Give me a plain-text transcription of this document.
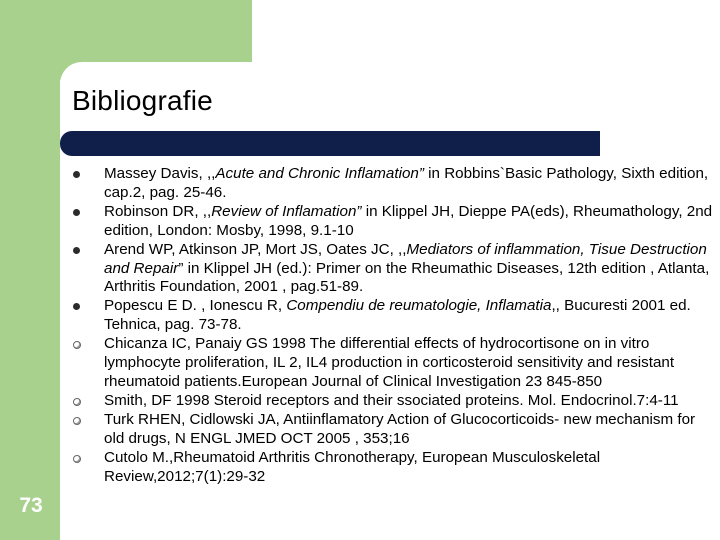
Bibliografie
Massey Davis, ,,Acute and Chronic Inflamation” in Robbins`Basic Pathology, Sixth edition, cap.2, pag. 25-46.
Robinson DR, ,,Review of Inflamation” in Klippel JH, Dieppe PA(eds), Rheumathology, 2nd edition, London: Mosby, 1998, 9.1-10
Arend WP, Atkinson JP, Mort JS, Oates JC, ,,Mediators of inflammation, Tisue Destruction and Repair” in Klippel JH (ed.): Primer on the Rheumathic Diseases, 12th edition , Atlanta, Arthritis Foundation, 2001 , pag.51-89.
Popescu E D. , Ionescu R, Compendiu de reumatologie, Inflamatia,, Bucuresti 2001 ed. Tehnica, pag. 73-78.
Chicanza IC, Panaiy GS 1998 The differential effects of hydrocortisone on in vitro lymphocyte proliferation, IL 2, IL4 production in corticosteroid sensitivity and resistant rheumatoid patients.European Journal of Clinical Investigation 23 845-850
Smith, DF 1998 Steroid receptors and their ssociated proteins. Mol. Endocrinol.7:4-11
Turk RHEN, Cidlowski JA, Antiinflamatory Action of Glucocorticoids- new mechanism for old drugs, N ENGL JMED OCT 2005 , 353;16
Cutolo M.,Rheumatoid Arthritis Chronotherapy, European Musculoskeletal Review,2012;7(1):29-32
73
